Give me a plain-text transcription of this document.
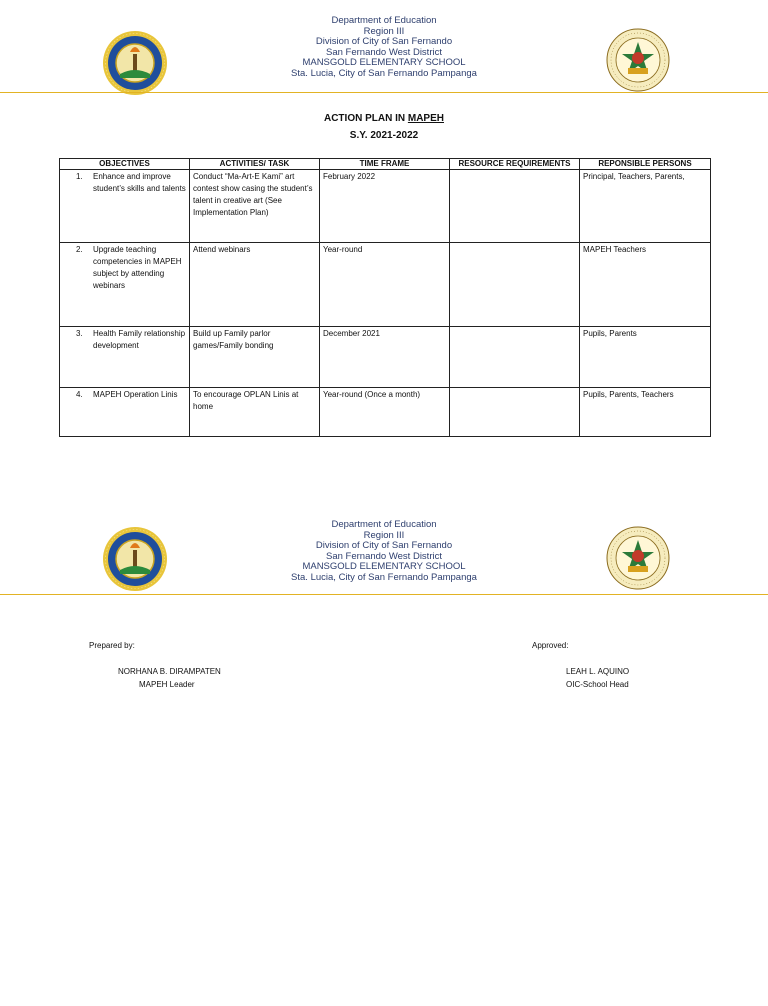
Department of Education
Region III
Division of City of San Fernando
San Fernando West District
MANSGOLD ELEMENTARY SCHOOL
Sta. Lucia, City of San Fernando Pampanga
ACTION PLAN IN MAPEH
S.Y. 2021-2022
OBJECTIVES	ACTIVITIES/ TASK	TIME FRAME	RESOURCE REQUIREMENTS	REPONSIBLE PERSONS

1. Enhance and improve student’s skills and talents	Conduct “Ma-Art-E Kami” art contest show casing the student’s talent in creative art (See Implementation Plan)	February 2022		Principal, Teachers, Parents,

2. Upgrade teaching competencies in MAPEH subject by attending webinars	Attend webinars	Year-round		MAPEH Teachers

3. Health Family relationship development	Build up Family parlor games/Family bonding	December 2021		Pupils, Parents

4. MAPEH Operation Linis	To encourage OPLAN Linis at home	Year-round (Once a month)		Pupils, Parents, Teachers
Department of Education
Region III
Division of City of San Fernando
San Fernando West District
MANSGOLD ELEMENTARY SCHOOL
Sta. Lucia, City of San Fernando Pampanga
Prepared by:
NORHANA B. DIRAMPATEN
MAPEH Leader
Approved:
LEAH L. AQUINO
OIC-School Head
